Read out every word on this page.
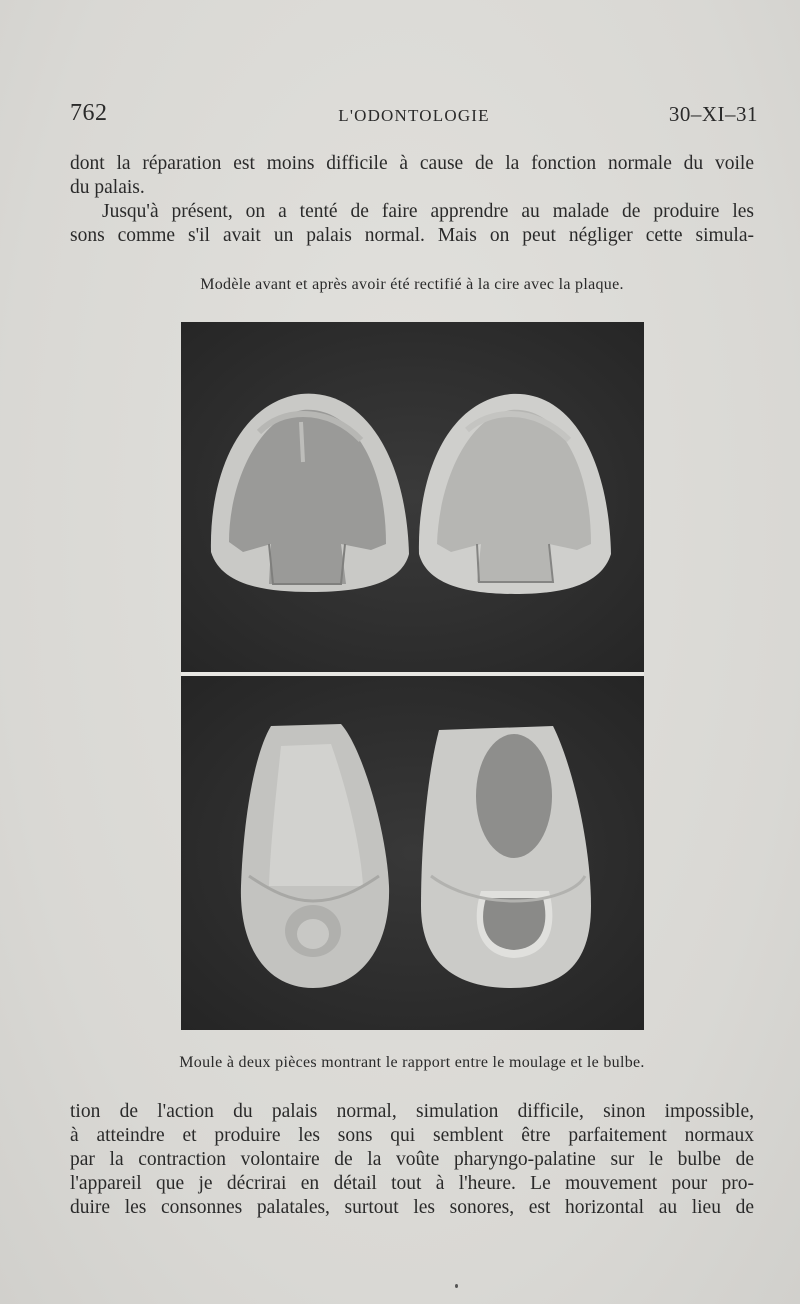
762	L'ODONTOLOGIE	30–XI–31
dont la réparation est moins difficile à cause de la fonction normale du voile
du palais.
Jusqu'à présent, on a tenté de faire apprendre au malade de produire les
sons comme s'il avait un palais normal. Mais on peut négliger cette simula-
Modèle avant et après avoir été rectifié à la cire avec la plaque.
Moule à deux pièces montrant le rapport entre le moulage et le bulbe.
tion de l'action du palais normal, simulation difficile, sinon impossible,
à atteindre et produire les sons qui semblent être parfaitement normaux
par la contraction volontaire de la voûte pharyngo-palatine sur le bulbe de
l'appareil que je décrirai en détail tout à l'heure. Le mouvement pour pro-
duire les consonnes palatales, surtout les sonores, est horizontal au lieu de
